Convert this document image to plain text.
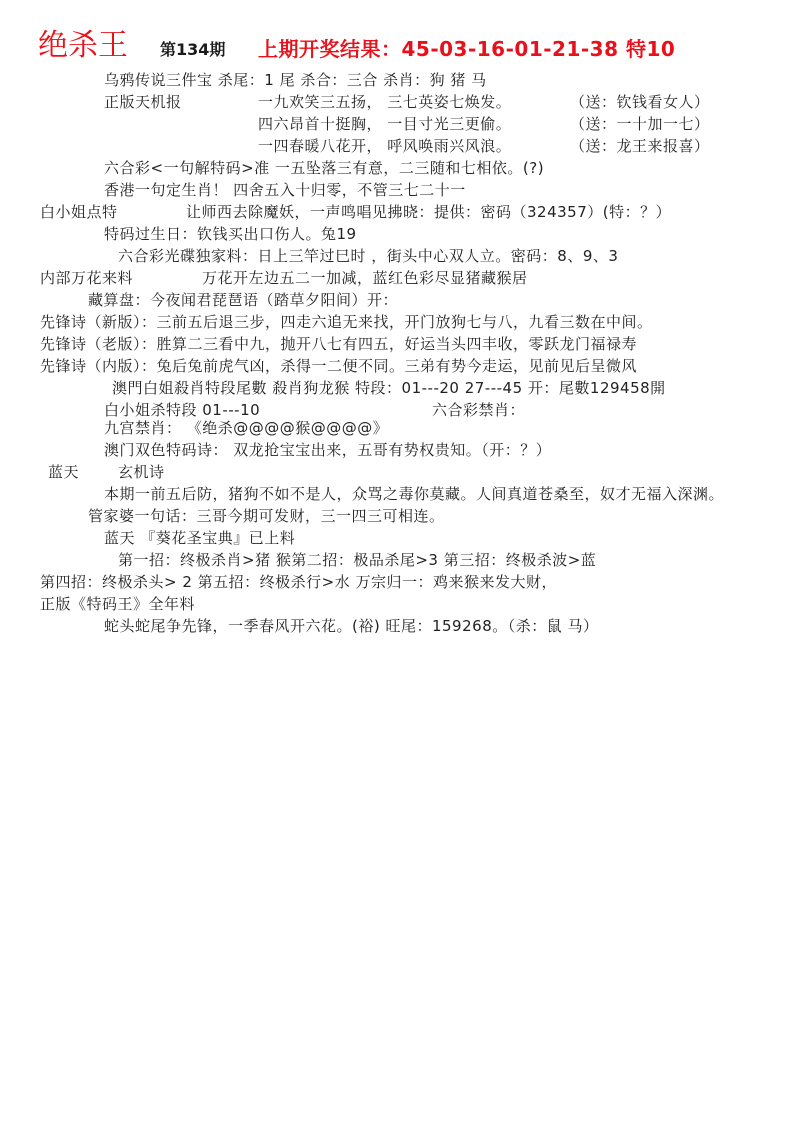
绝杀王 第134期 上期开奖结果：45-03-16-01-21-38 特10
乌鸦传说三件宝 杀尾：1 尾 杀合：三合 杀肖：狗 猪 马
正版天机报	一九欢笑三五扬， 三七英姿七焕发。	（送：钦钱看女人）
四六昂首十挺胸， 一目寸光三更偷。	（送：一十加一七）
一四春暖八花开， 呼风唤雨兴风浪。	（送：龙王来报喜）
六合彩<一句解特码>准 一五坠落三有意，二三随和七相依。(?)
香港一句定生肖！ 四舍五入十归零，不管三七二十一
白小姐点特	让师西去除魔妖，一声鸣唱见拂晓：提供：密码（324357）(特：？）
特码过生日：钦钱买出口伤人。兔19
六合彩光碟独家料：日上三竿过巳时 ，街头中心双人立。密码：8、9、3
内部万花来料	万花开左边五二一加减，蓝红色彩尽显猪藏猴居
藏算盘：今夜闻君琵琶语（踏草夕阳间）开：
先锋诗（新版）：三前五后退三步，四走六追无来找，开门放狗七与八，九看三数在中间。
先锋诗（老版）：胜算二三看中九，抛开八七有四五，好运当头四丰收，零跃龙门福禄寿
先锋诗（内版）：兔后兔前虎气凶，杀得一二便不同。三弟有势今走运，见前见后呈微风
澳門白姐殺肖特段尾數 殺肖狗龙猴 特段：01---20 27---45 开：尾數129458開
白小姐杀特段 01---10	六合彩禁肖：
九宫禁肖： 《绝杀@@@@猴@@@@》
澳门双色特码诗： 双龙抢宝宝出来，五哥有势权贵知。（开：？）
蓝天	玄机诗
本期一前五后防，猪狗不如不是人，众骂之毒你莫藏。人间真道苍桑至，奴才无福入深渊。
管家婆一句话：三哥今期可发财，三一四三可相连。
蓝天 『葵花圣宝典』已上料
第一招：终极杀肖>猪 猴第二招：极品杀尾>3 第三招：终极杀波>蓝
第四招：终极杀头> 2 第五招：终极杀行>水 万宗归一：鸡来猴来发大财，
正版《特码王》全年料
蛇头蛇尾争先锋，一季春风开六花。(裕) 旺尾：159268。（杀：鼠 马）
